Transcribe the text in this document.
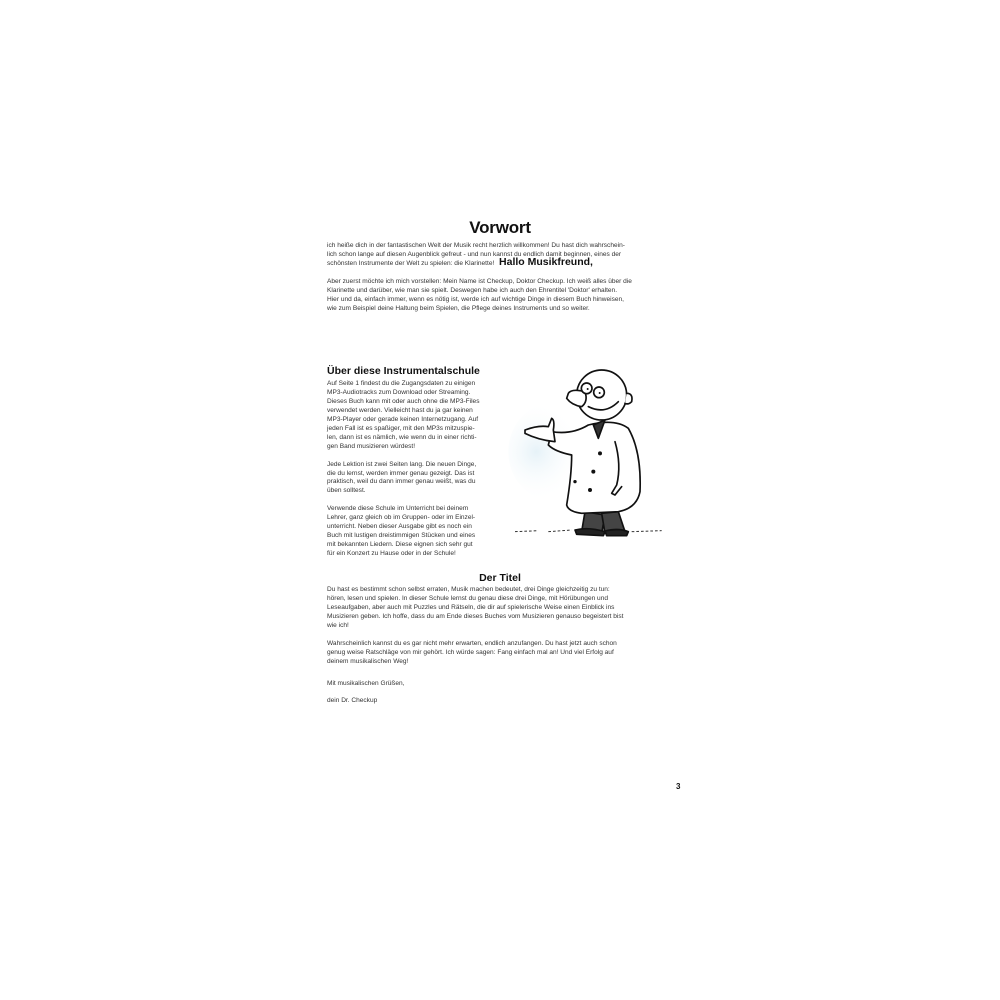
Vorwort
Hallo Musikfreund,
ich heiße dich in der fantastischen Welt der Musik recht herzlich willkommen! Du hast dich wahrschein-
lich schon lange auf diesen Augenblick gefreut - und nun kannst du endlich damit beginnen, eines der
schönsten Instrumente der Welt zu spielen: die Klarinette!
Aber zuerst möchte ich mich vorstellen: Mein Name ist Checkup, Doktor Checkup. Ich weiß alles über die
Klarinette und darüber, wie man sie spielt. Deswegen habe ich auch den Ehrentitel 'Doktor' erhalten.
Hier und da, einfach immer, wenn es nötig ist, werde ich auf wichtige Dinge in diesem Buch hinweisen,
wie zum Beispiel deine Haltung beim Spielen, die Pflege deines Instruments und so weiter.
Über diese Instrumentalschule
Auf Seite 1 findest du die Zugangsdaten zu einigen
MP3-Audiotracks zum Download oder Streaming.
Dieses Buch kann mit oder auch ohne die MP3-Files
verwendet werden. Vielleicht hast du ja gar keinen
MP3-Player oder gerade keinen Internetzugang. Auf
jeden Fall ist es spaßiger, mit den MP3s mitzuspie-
len, dann ist es nämlich, wie wenn du in einer richti-
gen Band musizieren würdest!
Jede Lektion ist zwei Seiten lang. Die neuen Dinge,
die du lernst, werden immer genau gezeigt. Das ist
praktisch, weil du dann immer genau weißt, was du
üben solltest.
Verwende diese Schule im Unterricht bei deinem
Lehrer, ganz gleich ob im Gruppen- oder im Einzel-
unterricht. Neben dieser Ausgabe gibt es noch ein
Buch mit lustigen dreistimmigen Stücken und eines
mit bekannten Liedern. Diese eignen sich sehr gut
für ein Konzert zu Hause oder in der Schule!
Der Titel
Du hast es bestimmt schon selbst erraten, Musik machen bedeutet, drei Dinge gleichzeitig zu tun:
hören, lesen und spielen. In dieser Schule lernst du genau diese drei Dinge, mit Hörübungen und
Leseaufgaben, aber auch mit Puzzles und Rätseln, die dir auf spielerische Weise einen Einblick ins
Musizieren geben. Ich hoffe, dass du am Ende dieses Buches vom Musizieren genauso begeistert bist
wie ich!
Wahrscheinlich kannst du es gar nicht mehr erwarten, endlich anzufangen. Du hast jetzt auch schon
genug weise Ratschläge von mir gehört. Ich würde sagen: Fang einfach mal an! Und viel Erfolg auf
deinem musikalischen Weg!
Mit musikalischen Grüßen,
dein Dr. Checkup
3
